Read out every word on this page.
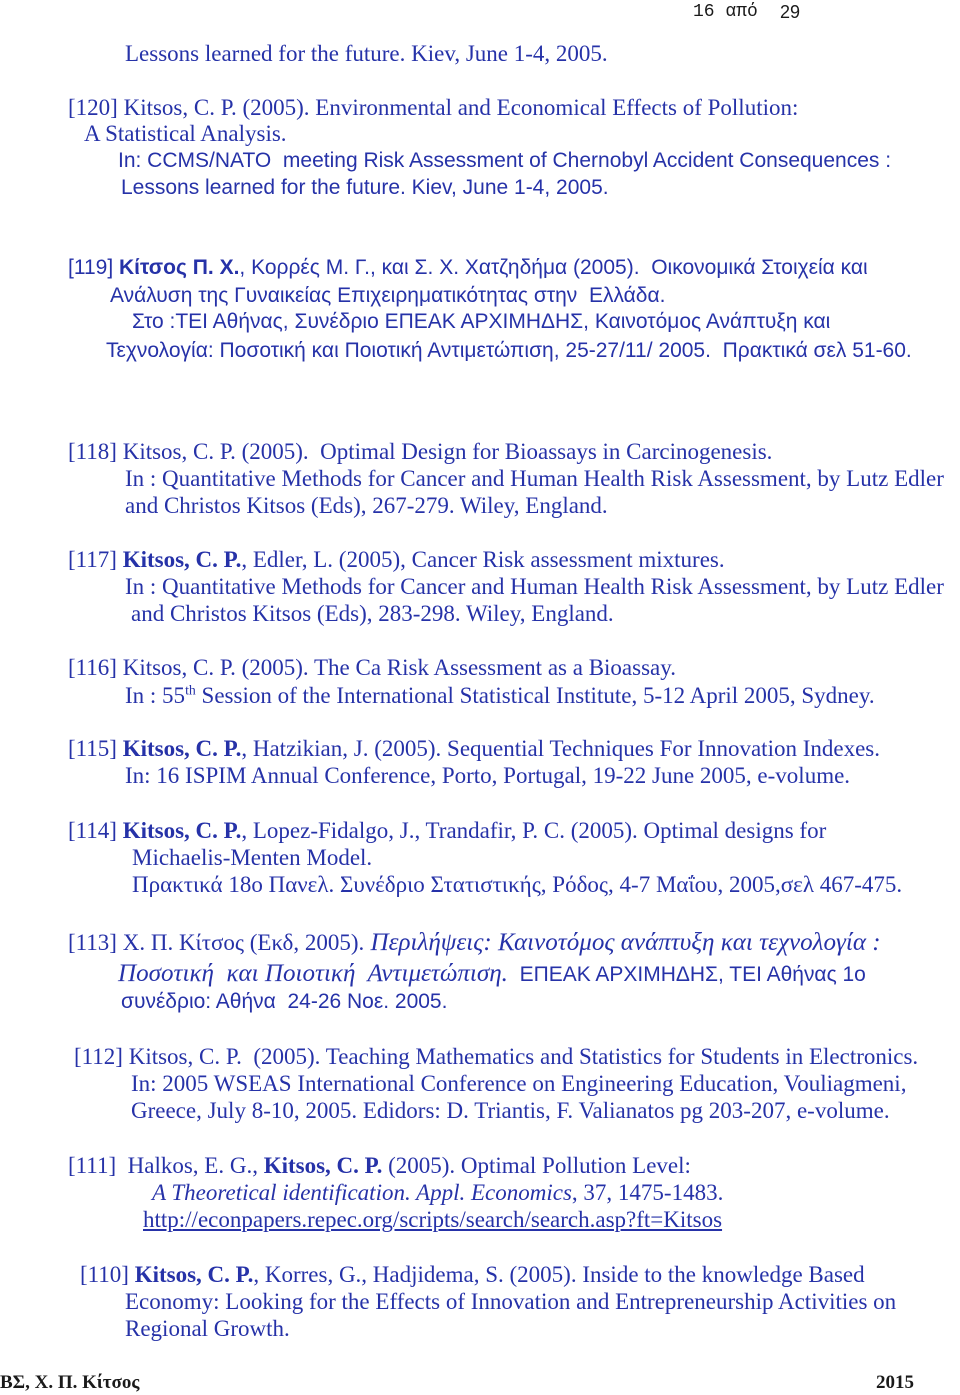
16 από 29
Lessons learned for the future. Kiev, June 1-4, 2005.
[120] Kitsos, C. P. (2005). Environmental and Economical Effects of Pollution:
A Statistical Analysis.
In: CCMS/NATO  meeting Risk Assessment of Chernobyl Accident Consequences :
Lessons learned for the future. Kiev, June 1-4, 2005.
[119] Κίτσος Π. Χ., Κορρές Μ. Γ., και Σ. Χ. Χατζηδήμα (2005).  Οικονομικά Στοιχεία και
Ανάλυση της Γυναικείας Επιχειρηματικότητας στην  Ελλάδα.
Στο :ΤΕΙ Αθήνας, Συνέδριο ΕΠΕΑΚ ΑΡΧΙΜΗΔΗΣ, Καινοτόμος Ανάπτυξη και
Τεχνολογία: Ποσοτική και Ποιοτική Αντιμετώπιση, 25-27/11/ 2005.  Πρακτικά σελ 51-60.
[118] Kitsos, C. P. (2005).  Optimal Design for Bioassays in Carcinogenesis.
In : Quantitative Methods for Cancer and Human Health Risk Assessment, by Lutz Edler
and Christos Kitsos (Eds), 267-279. Wiley, England.
[117] Kitsos, C. P., Edler, L. (2005), Cancer Risk assessment mixtures.
In : Quantitative Methods for Cancer and Human Health Risk Assessment, by Lutz Edler
and Christos Kitsos (Eds), 283-298. Wiley, England.
[116] Kitsos, C. P. (2005). The Ca Risk Assessment as a Bioassay.
In : 55th Session of the International Statistical Institute, 5-12 April 2005, Sydney.
[115] Kitsos, C. P., Hatzikian, J. (2005). Sequential Techniques For Innovation Indexes.
In: 16 ISPIM Annual Conference, Porto, Portugal, 19-22 June 2005, e-volume.
[114] Kitsos, C. P., Lopez-Fidalgo, J., Trandafir, P. C. (2005). Optimal designs for
Michaelis-Menten Model.
Πρακτικά 18ο Πανελ. Συνέδριο Στατιστικής, Ρόδος, 4-7 Μαΐου, 2005,σελ 467-475.
[113] Χ. Π. Κίτσος (Εκδ, 2005). Περιλήψεις: Καινοτόμος ανάπτυξη και τεχνολογία :
Ποσοτική  και Ποιοτική  Αντιμετώπιση.  ΕΠΕΑΚ ΑΡΧΙΜΗΔΗΣ, ΤΕΙ Αθήνας 1ο
συνέδριο: Αθήνα  24-26 Νοε. 2005.
[112] Kitsos, C. P.  (2005). Teaching Mathematics and Statistics for Students in Electronics.
In: 2005 WSEAS International Conference on Engineering Education, Vouliagmeni,
Greece, July 8-10, 2005. Edidors: D. Triantis, F. Valianatos pg 203-207, e-volume.
[111]  Halkos, E. G., Kitsos, C. P. (2005). Optimal Pollution Level:
A Theoretical identification. Appl. Economics, 37, 1475-1483.
http://econpapers.repec.org/scripts/search/search.asp?ft=Kitsos
[110] Kitsos, C. P., Korres, G., Hadjidema, S. (2005). Inside to the knowledge Based
Economy: Looking for the Effects of Innovation and Entrepreneurship Activities on
Regional Growth.
ΒΣ, Χ. Π. Κίτσος	2015
